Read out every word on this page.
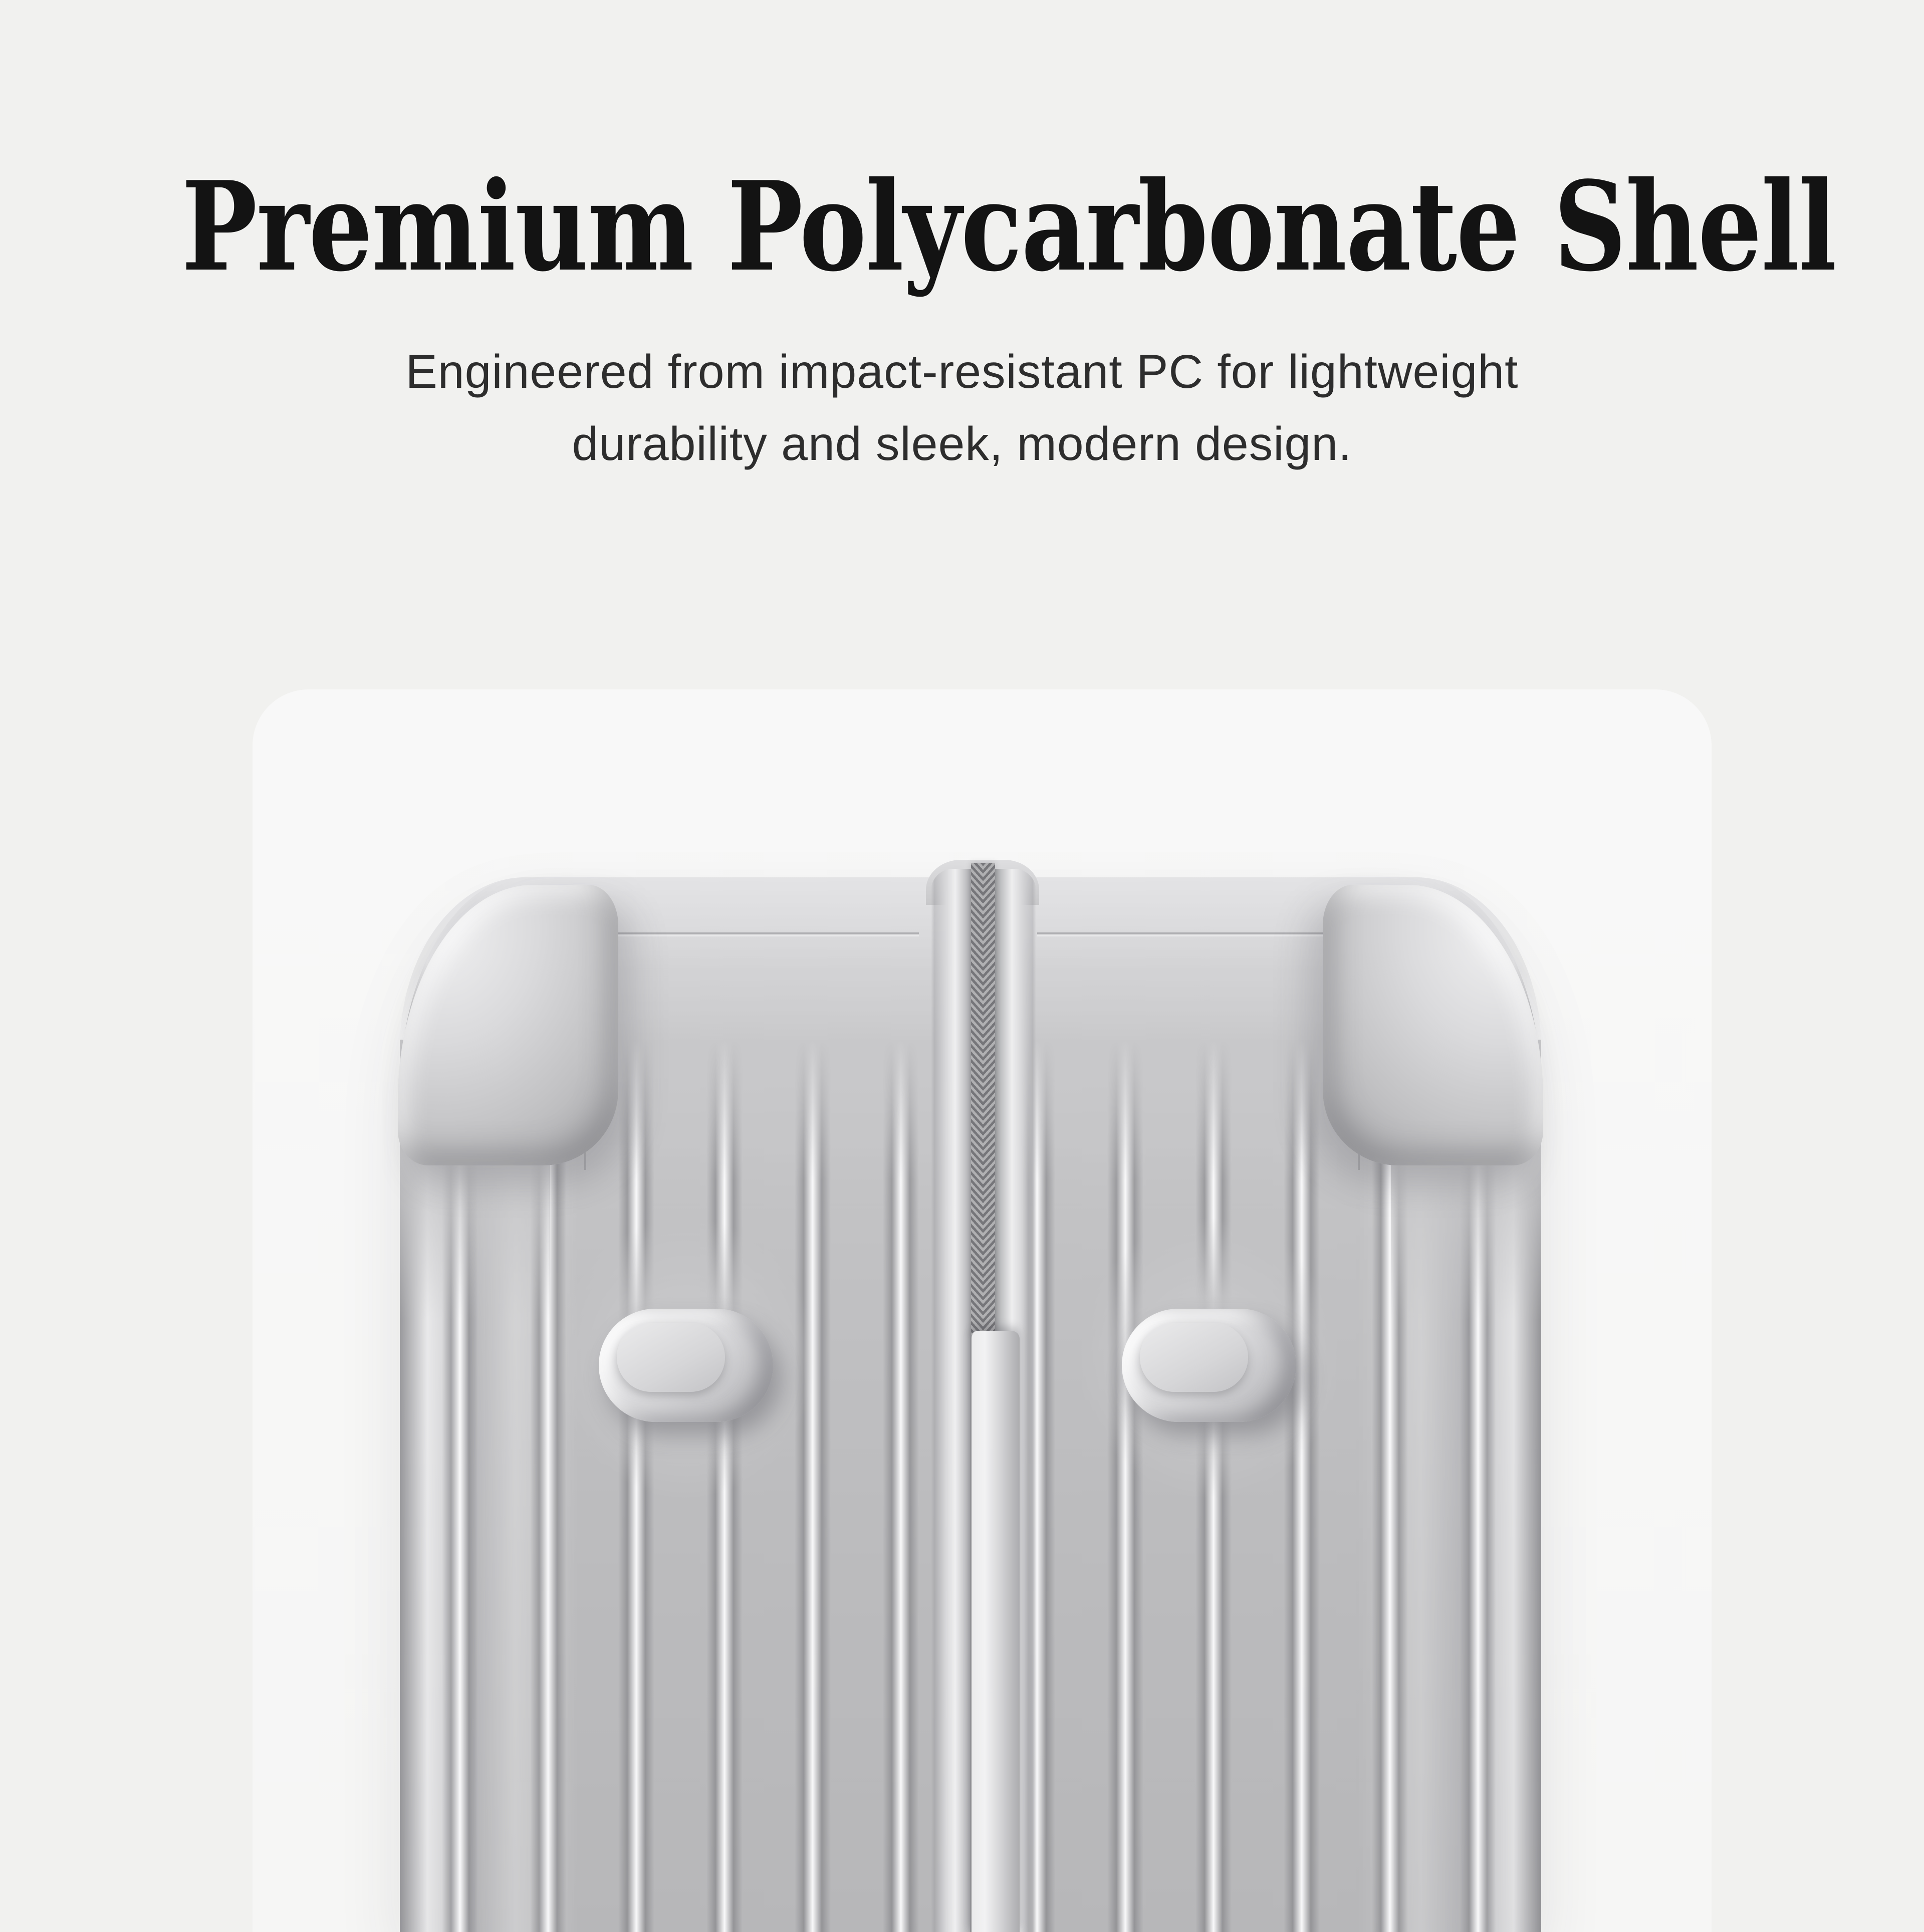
Premium Polycarbonate Shell

Engineered from impact-resistant PC for lightweight
durability and sleek, modern design.
